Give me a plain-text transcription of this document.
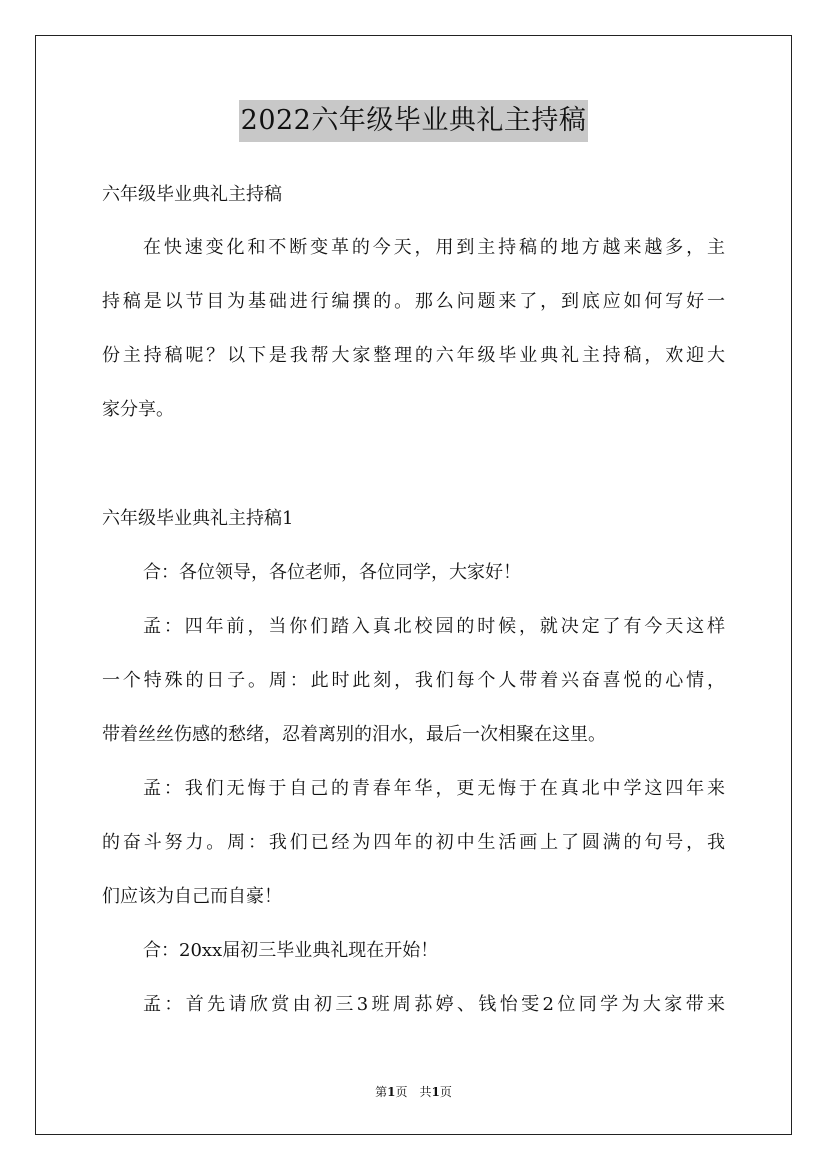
2022六年级毕业典礼主持稿
六年级毕业典礼主持稿
在快速变化和不断变革的今天，用到主持稿的地方越来越多，主
持稿是以节目为基础进行编撰的。那么问题来了，到底应如何写好一
份主持稿呢？以下是我帮大家整理的六年级毕业典礼主持稿，欢迎大
家分享。
六年级毕业典礼主持稿1
合：各位领导，各位老师，各位同学，大家好！
孟：四年前，当你们踏入真北校园的时候，就决定了有今天这样
一个特殊的日子。周：此时此刻，我们每个人带着兴奋喜悦的心情，
带着丝丝伤感的愁绪，忍着离别的泪水，最后一次相聚在这里。
孟：我们无悔于自己的青春年华，更无悔于在真北中学这四年来
的奋斗努力。周：我们已经为四年的初中生活画上了圆满的句号，我
们应该为自己而自豪！
合：20xx届初三毕业典礼现在开始！
孟：首先请欣赏由初三3班周荪婷、钱怡雯2位同学为大家带来
第1页　共1页
